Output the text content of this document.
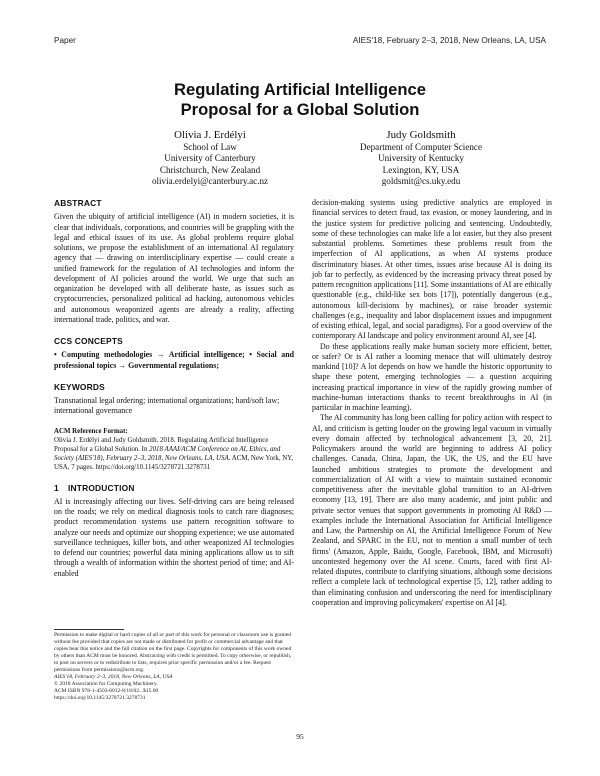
Paper	AIES'18, February 2–3, 2018, New Orleans, LA, USA
Regulating Artificial Intelligence
Proposal for a Global Solution
Olivia J. Erdélyi
School of Law
University of Canterbury
Christchurch, New Zealand
olivia.erdelyi@canterbury.ac.nz
Judy Goldsmith
Department of Computer Science
University of Kentucky
Lexington, KY, USA
goldsmit@cs.uky.edu
ABSTRACT

Given the ubiquity of artificial intelligence (AI) in modern societies, it is clear that individuals, corporations, and countries will be grappling with the legal and ethical issues of its use. As global problems require global solutions, we propose the establishment of an international AI regulatory agency that — drawing on interdisciplinary expertise — could create a unified framework for the regulation of AI technologies and inform the development of AI policies around the world. We urge that such an organization be developed with all deliberate haste, as issues such as cryptocurrencies, personalized political ad hacking, autonomous vehicles and autonomous weaponized agents are already a reality, affecting international trade, politics, and war.

CCS CONCEPTS

• Computing methodologies → Artificial intelligence; • Social and professional topics → Governmental regulations;

KEYWORDS

Transnational legal ordering; international organizations; hard/soft law; international governance

ACM Reference Format:
Olivia J. Erdélyi and Judy Goldsmith. 2018. Regulating Artificial Intelligence Proposal for a Global Solution. In 2018 AAAI/ACM Conference on AI, Ethics, and Society (AIES'18), February 2–3, 2018, New Orleans, LA, USA. ACM, New York, NY, USA, 7 pages. https://doi.org/10.1145/3278721.3278731
1 INTRODUCTION

AI is increasingly affecting our lives. Self-driving cars are being released on the roads; we rely on medical diagnosis tools to catch rare diagnoses; product recommendation systems use pattern recognition software to analyze our needs and optimize our shopping experience; we use automated surveillance techniques, killer bots, and other weaponized AI technologies to defend our countries; powerful data mining applications allow us to sift through a wealth of information within the shortest period of time; and AI-enabled

Permission to make digital or hard copies of all or part of this work for personal or classroom use is granted without fee provided that copies are not made or distributed for profit or commercial advantage and that copies bear this notice and the full citation on the first page. Copyrights for components of this work owned by others than ACM must be honored. Abstracting with credit is permitted. To copy otherwise, or republish, to post on servers or to redistribute to lists, requires prior specific permission and/or a fee. Request permissions from permissions@acm.org.
AIES'18, February 2–3, 2018, New Orleans, LA, USA
© 2018 Association for Computing Machinery.
ACM ISBN 978-1-4503-6012-8/18/02...$15.00
https://doi.org/10.1145/3278721.3278731

decision-making systems using predictive analytics are employed in financial services to detect fraud, tax evasion, or money laundering, and in the justice system for predictive policing and sentencing. Undoubtedly, some of these technologies can make life a lot easier, but they also present substantial problems. Sometimes these problems result from the imperfection of AI applications, as when AI systems produce discriminatory biases. At other times, issues arise because AI is doing its job far to perfectly, as evidenced by the increasing privacy threat posed by pattern recognition applications [11]. Some instantiations of AI are ethically questionable (e.g., child-like sex bots [17]), potentially dangerous (e.g., autonomous kill-decisions by machines), or raise broader systemic challenges (e.g., inequality and labor displacement issues and impugnment of existing ethical, legal, and social paradigms). For a good overview of the contemporary AI landscape and policy environment around AI, see [4].

Do these applications really make human society more efficient, better, or safer? Or is AI rather a looming menace that will ultimately destroy mankind [10]? A lot depends on how we handle the historic opportunity to shape these potent, emerging technologies — a question acquiring increasing practical importance in view of the rapidly growing number of machine-human interactions thanks to recent breakthroughs in AI (in particular in machine learning).

The AI community has long been calling for policy action with respect to AI, and criticism is getting louder on the growing legal vacuum in virtually every domain affected by technological advancement [3, 20, 21]. Policymakers around the world are beginning to address AI policy challenges. Canada, China, Japan, the UK, the US, and the EU have launched ambitious strategies to promote the development and commercialization of AI with a view to maintain sustained economic competitiveness after the inevitable global transition to an AI-driven economy [13, 19]. There are also many academic, and joint public and private sector venues that support governments in promoting AI R&D — examples include the International Association for Artificial Intelligence and Law, the Partnership on AI, the Artificial Intelligence Forum of New Zealand, and SPARC in the EU, not to mention a small number of tech firms' (Amazon, Apple, Baidu, Google, Facebook, IBM, and Microsoft) uncontested hegemony over the AI scene. Courts, faced with first AI-related disputes, contribute to clarifying situations, although some decisions reflect a complete lack of technological expertise [5, 12], rather adding to than eliminating confusion and underscoring the need for interdisciplinary cooperation and improving policymakers' expertise on AI [4].

95
